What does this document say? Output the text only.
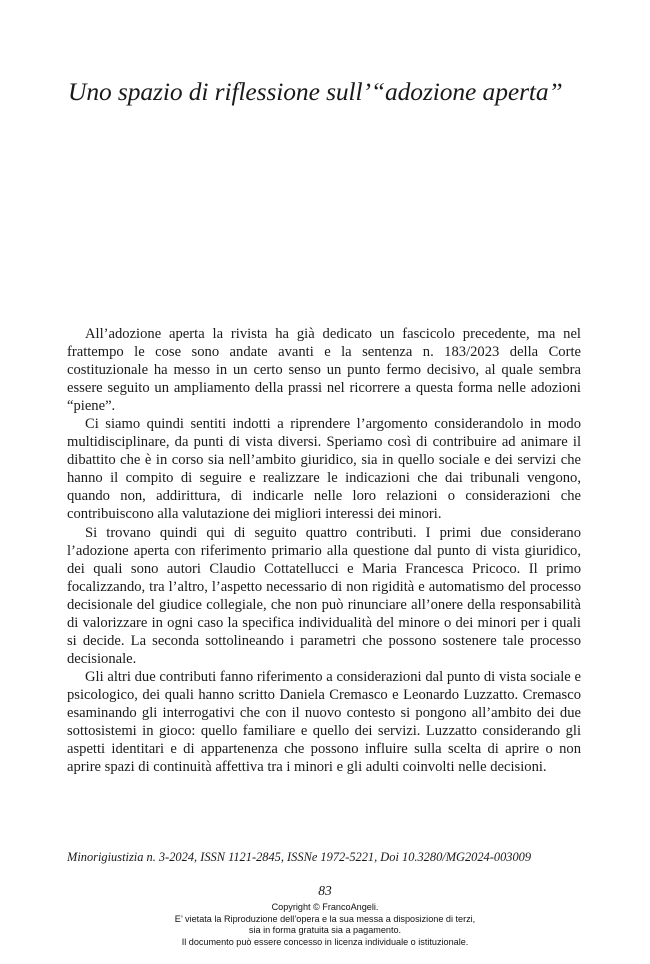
Uno spazio di riflessione sull’“adozione aperta”

All’adozione aperta la rivista ha già dedicato un fascicolo precedente, ma nel frattempo le cose sono andate avanti e la sentenza n. 183/2023 della Corte costituzionale ha messo in un certo senso un punto fermo decisivo, al quale sembra essere seguito un ampliamento della prassi nel ricorrere a questa forma nelle adozioni “piene”.

Ci siamo quindi sentiti indotti a riprendere l’argomento considerandolo in modo multidisciplinare, da punti di vista diversi. Speriamo così di contribuire ad animare il dibattito che è in corso sia nell’ambito giuridico, sia in quello sociale e dei servizi che hanno il compito di seguire e realizzare le indicazioni che dai tribunali vengono, quando non, addirittura, di indicarle nelle loro relazioni o considerazioni che contribuiscono alla valutazione dei migliori interessi dei minori.

Si trovano quindi qui di seguito quattro contributi. I primi due considerano l’adozione aperta con riferimento primario alla questione dal punto di vista giuridico, dei quali sono autori Claudio Cottatellucci e Maria Francesca Pricoco. Il primo focalizzando, tra l’altro, l’aspetto necessario di non rigidità e automatismo del processo decisionale del giudice collegiale, che non può rinunciare all’onere della responsabilità di valorizzare in ogni caso la specifica individualità del minore o dei minori per i quali si decide. La seconda sottolineando i parametri che possono sostenere tale processo decisionale.

Gli altri due contributi fanno riferimento a considerazioni dal punto di vista sociale e psicologico, dei quali hanno scritto Daniela Cremasco e Leonardo Luzzatto. Cremasco esaminando gli interrogativi che con il nuovo contesto si pongono all’ambito dei due sottosistemi in gioco: quello familiare e quello dei servizi. Luzzatto considerando gli aspetti identitari e di appartenenza che possono influire sulla scelta di aprire o non aprire spazi di continuità affettiva tra i minori e gli adulti coinvolti nelle decisioni.

Minorigiustizia n. 3-2024, ISSN 1121-2845, ISSNe 1972-5221, Doi 10.3280/MG2024-003009
83
Copyright © FrancoAngeli.
E’ vietata la Riproduzione dell’opera e la sua messa a disposizione di terzi,
sia in forma gratuita sia a pagamento.
Il documento può essere concesso in licenza individuale o istituzionale.
